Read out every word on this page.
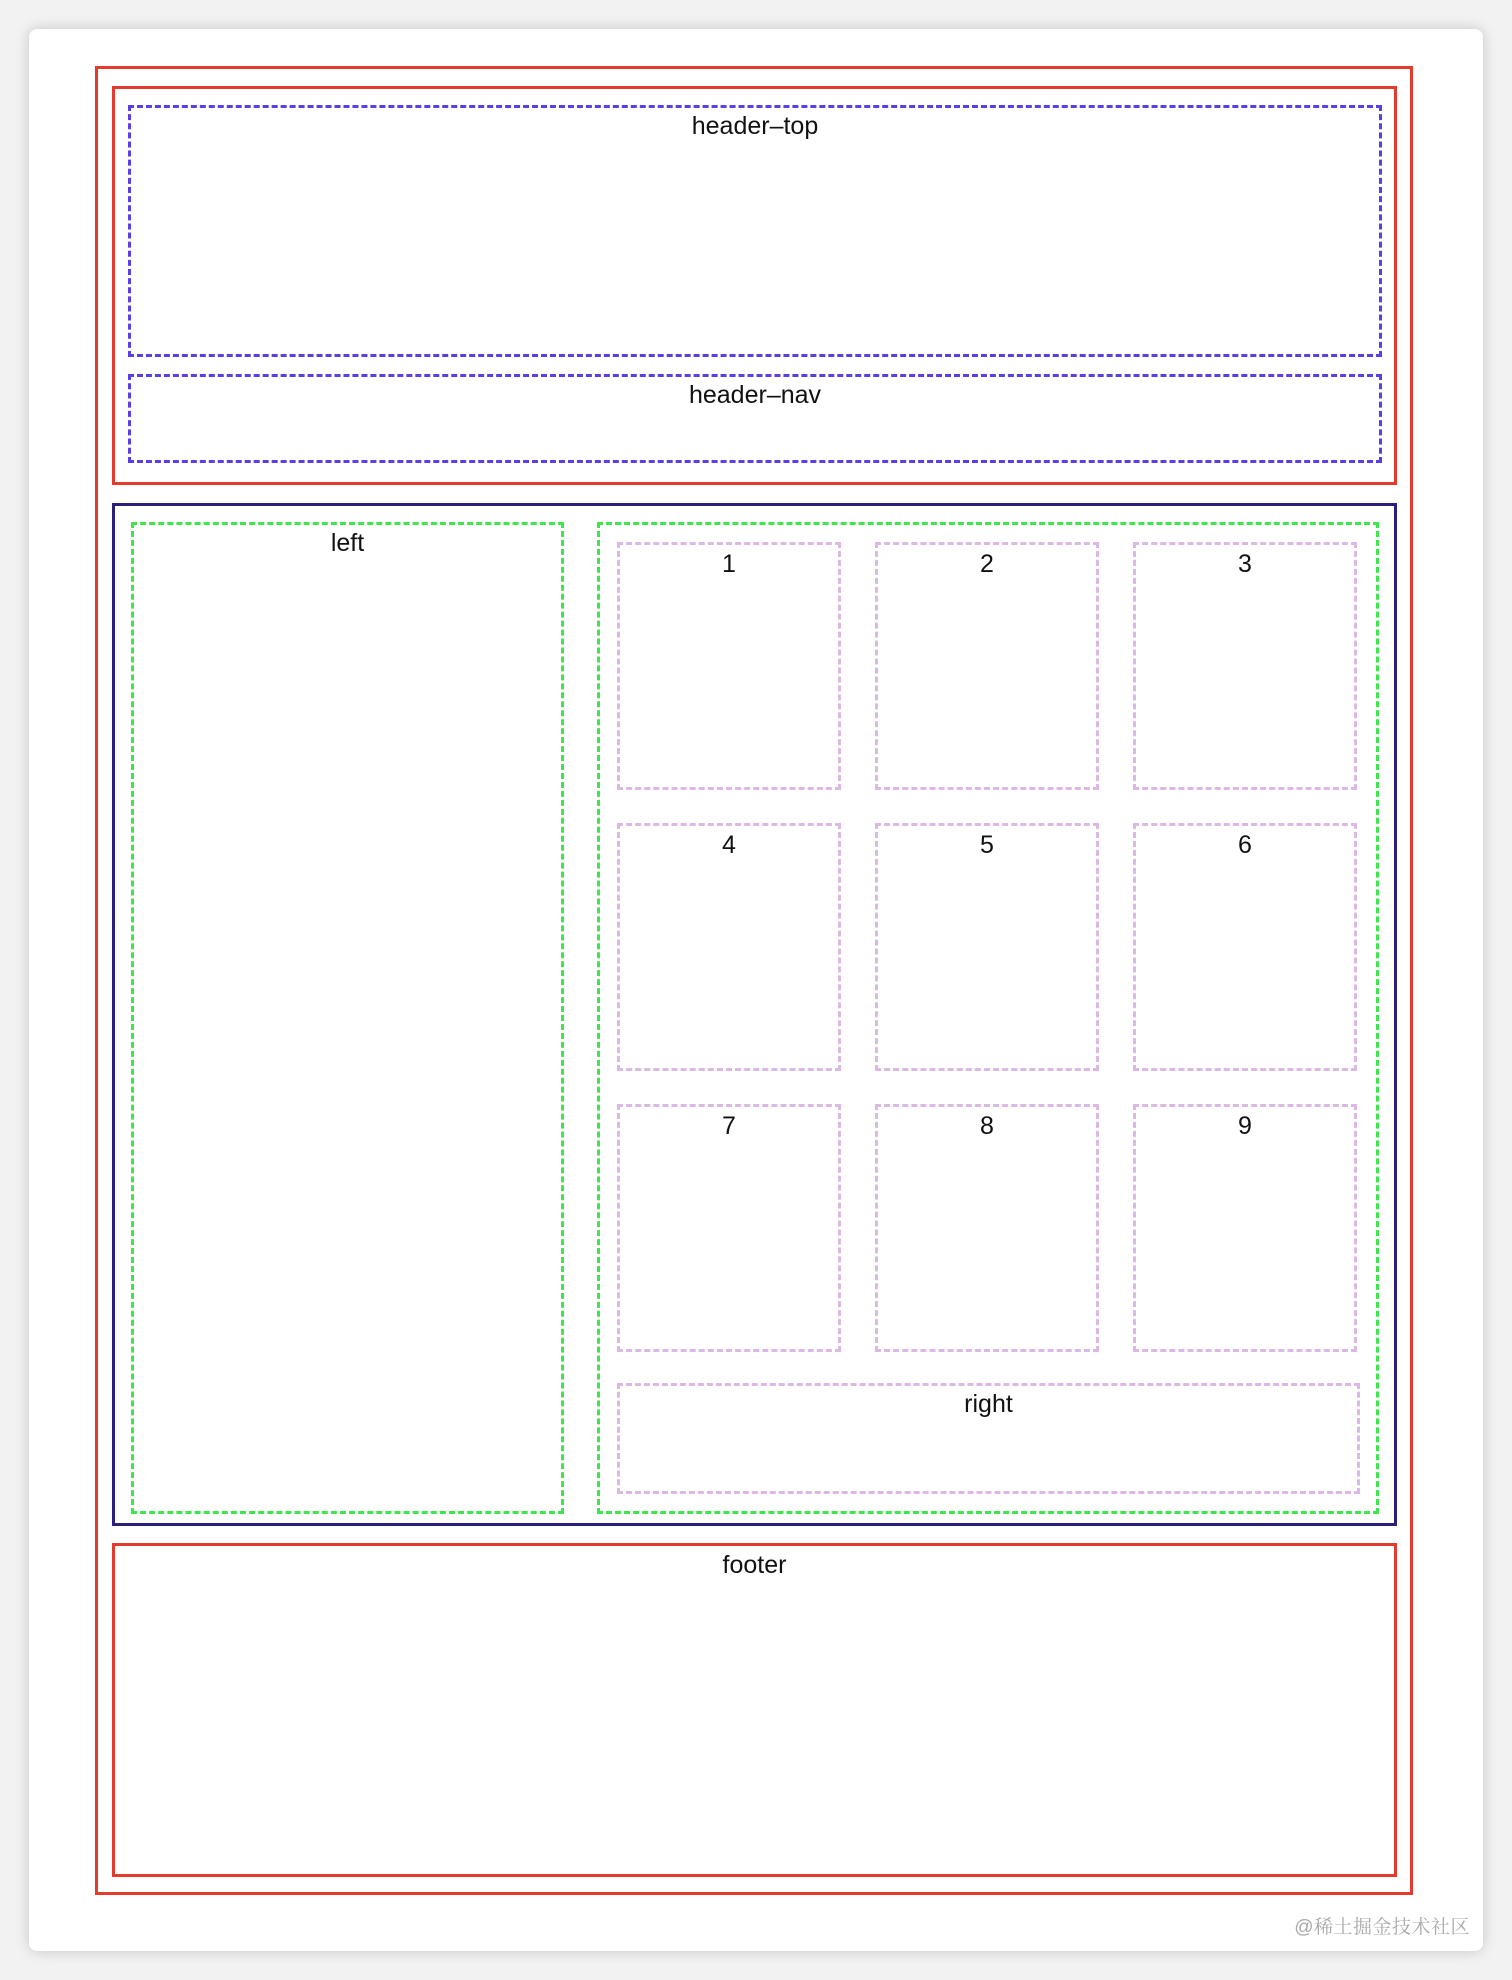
header–top
header–nav
left
1	2	3
4	5	6
7	8	9
right
footer
@稀土掘金技术社区
